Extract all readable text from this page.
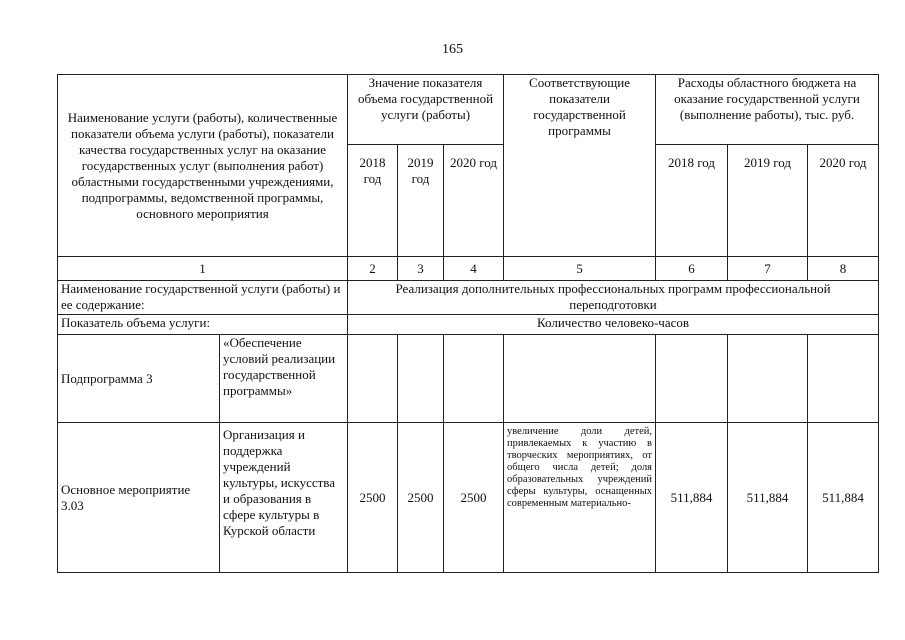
165
Наименование услуги (работы), количественные показатели объема услуги (работы), показатели качества государственных услуг на оказание государственных услуг (выполнения работ) областными государственными учреждениями, подпрограммы, ведомственной программы, основного мероприятия		Значение показателя объема государственной услуги (работы)			Соответствующие показатели государственной программы	Расходы областного бюджета на оказание государственной услуги (выполнение работы), тыс. руб.		
		2018 год	2019 год	2020 год		2018 год	2019 год	2020 год
1		2	3	4	5	6	7	8
Наименование государственной услуги (работы) и ее содержание:		Реализация дополнительных профессиональных программ профессиональной переподготовки						
Показатель объема услуги:		Количество человеко-часов						
Подпрограмма 3	«Обеспечение условий реализации государственной программы»							
Основное мероприятие 3.03	Организация и поддержка учреждений культуры, искусства и образования в сфере культуры в Курской области	2500	2500	2500	увеличение доли детей, привлекаемых к участию в творческих мероприятиях, от общего числа детей; доля образовательных учреждений сферы культуры, оснащенных современным материально-	511,884	511,884	511,884
